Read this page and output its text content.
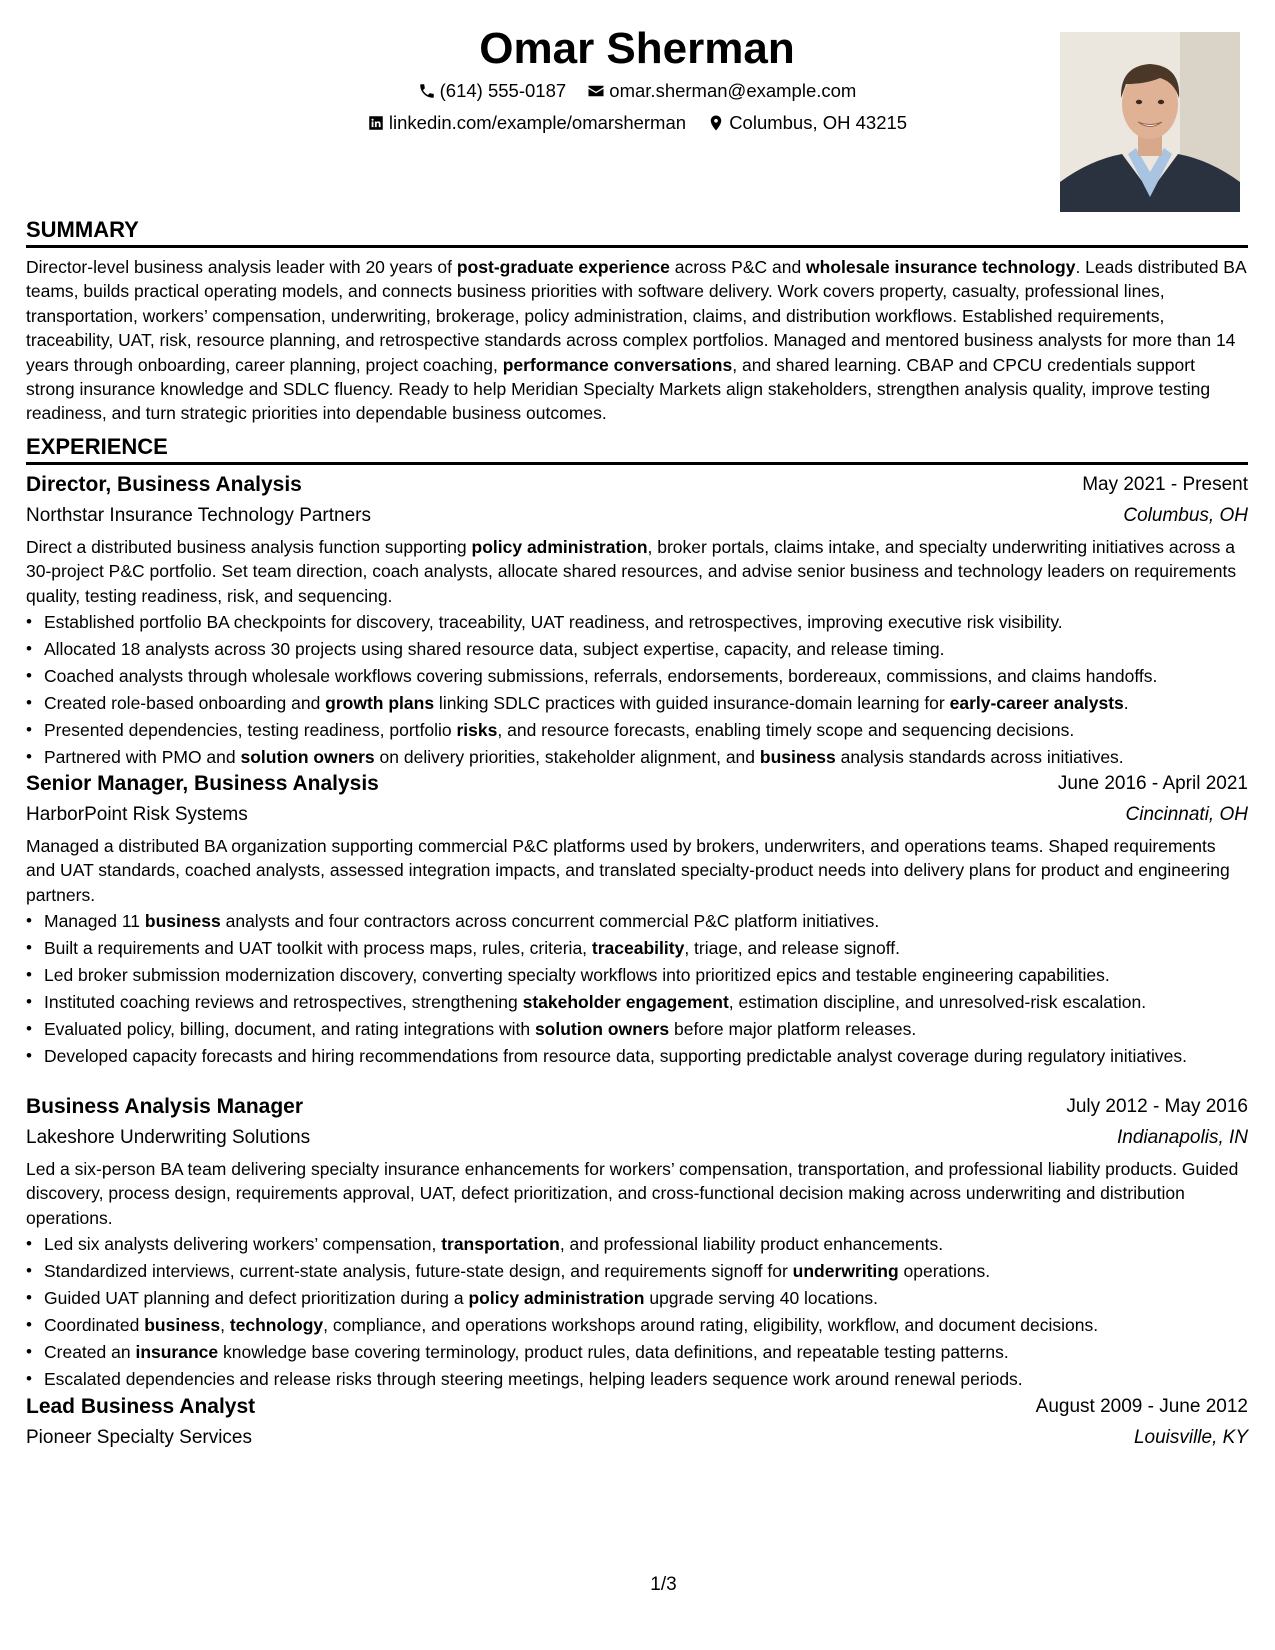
Omar Sherman
(614) 555-0187
omar.sherman@example.com
linkedin.com/example/omarsherman
Columbus, OH 43215
SUMMARY
Director-level business analysis leader with 20 years of post-graduate experience across P&C and wholesale insurance technology. Leads distributed BA teams, builds practical operating models, and connects business priorities with software delivery. Work covers property, casualty, professional lines, transportation, workers’ compensation, underwriting, brokerage, policy administration, claims, and distribution workflows. Established requirements, traceability, UAT, risk, resource planning, and retrospective standards across complex portfolios. Managed and mentored business analysts for more than 14 years through onboarding, career planning, project coaching, performance conversations, and shared learning. CBAP and CPCU credentials support strong insurance knowledge and SDLC fluency. Ready to help Meridian Specialty Markets align stakeholders, strengthen analysis quality, improve testing readiness, and turn strategic priorities into dependable business outcomes.
EXPERIENCE
Director, Business Analysis	May 2021 - Present
Northstar Insurance Technology Partners	Columbus, OH
Direct a distributed business analysis function supporting policy administration, broker portals, claims intake, and specialty underwriting initiatives across a 30-project P&C portfolio. Set team direction, coach analysts, allocate shared resources, and advise senior business and technology leaders on requirements quality, testing readiness, risk, and sequencing.
• Established portfolio BA checkpoints for discovery, traceability, UAT readiness, and retrospectives, improving executive risk visibility.
• Allocated 18 analysts across 30 projects using shared resource data, subject expertise, capacity, and release timing.
• Coached analysts through wholesale workflows covering submissions, referrals, endorsements, bordereaux, commissions, and claims handoffs.
• Created role-based onboarding and growth plans linking SDLC practices with guided insurance-domain learning for early-career analysts.
• Presented dependencies, testing readiness, portfolio risks, and resource forecasts, enabling timely scope and sequencing decisions.
• Partnered with PMO and solution owners on delivery priorities, stakeholder alignment, and business analysis standards across initiatives.
Senior Manager, Business Analysis	June 2016 - April 2021
HarborPoint Risk Systems	Cincinnati, OH
Managed a distributed BA organization supporting commercial P&C platforms used by brokers, underwriters, and operations teams. Shaped requirements and UAT standards, coached analysts, assessed integration impacts, and translated specialty-product needs into delivery plans for product and engineering partners.
• Managed 11 business analysts and four contractors across concurrent commercial P&C platform initiatives.
• Built a requirements and UAT toolkit with process maps, rules, criteria, traceability, triage, and release signoff.
• Led broker submission modernization discovery, converting specialty workflows into prioritized epics and testable engineering capabilities.
• Instituted coaching reviews and retrospectives, strengthening stakeholder engagement, estimation discipline, and unresolved-risk escalation.
• Evaluated policy, billing, document, and rating integrations with solution owners before major platform releases.
• Developed capacity forecasts and hiring recommendations from resource data, supporting predictable analyst coverage during regulatory initiatives.
Business Analysis Manager	July 2012 - May 2016
Lakeshore Underwriting Solutions	Indianapolis, IN
Led a six-person BA team delivering specialty insurance enhancements for workers’ compensation, transportation, and professional liability products. Guided discovery, process design, requirements approval, UAT, defect prioritization, and cross-functional decision making across underwriting and distribution operations.
• Led six analysts delivering workers’ compensation, transportation, and professional liability product enhancements.
• Standardized interviews, current-state analysis, future-state design, and requirements signoff for underwriting operations.
• Guided UAT planning and defect prioritization during a policy administration upgrade serving 40 locations.
• Coordinated business, technology, compliance, and operations workshops around rating, eligibility, workflow, and document decisions.
• Created an insurance knowledge base covering terminology, product rules, data definitions, and repeatable testing patterns.
• Escalated dependencies and release risks through steering meetings, helping leaders sequence work around renewal periods.
Lead Business Analyst	August 2009 - June 2012
Pioneer Specialty Services	Louisville, KY
1/3
